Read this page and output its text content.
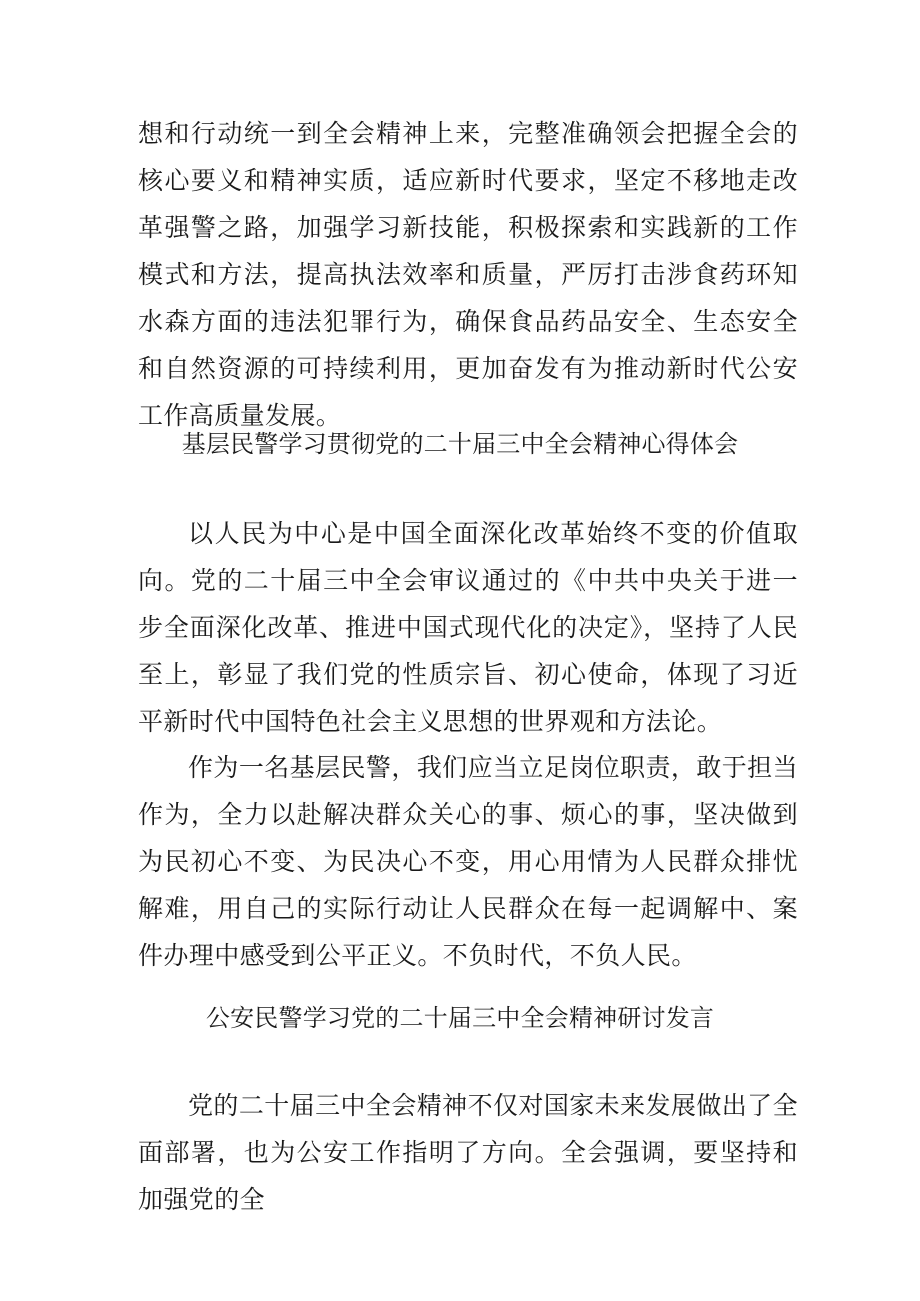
想和行动统一到全会精神上来，完整准确领会把握全会的核心要义和精神实质，适应新时代要求，坚定不移地走改革强警之路，加强学习新技能，积极探索和实践新的工作模式和方法，提高执法效率和质量，严厉打击涉食药环知水森方面的违法犯罪行为，确保食品药品安全、生态安全和自然资源的可持续利用，更加奋发有为推动新时代公安工作高质量发展。

基层民警学习贯彻党的二十届三中全会精神心得体会

以人民为中心是中国全面深化改革始终不变的价值取向。党的二十届三中全会审议通过的《中共中央关于进一步全面深化改革、推进中国式现代化的决定》，坚持了人民至上，彰显了我们党的性质宗旨、初心使命，体现了习近平新时代中国特色社会主义思想的世界观和方法论。

作为一名基层民警，我们应当立足岗位职责，敢于担当作为，全力以赴解决群众关心的事、烦心的事，坚决做到为民初心不变、为民决心不变，用心用情为人民群众排忧解难，用自己的实际行动让人民群众在每一起调解中、案件办理中感受到公平正义。不负时代，不负人民。

公安民警学习党的二十届三中全会精神研讨发言

党的二十届三中全会精神不仅对国家未来发展做出了全面部署，也为公安工作指明了方向。全会强调，要坚持和加强党的全
